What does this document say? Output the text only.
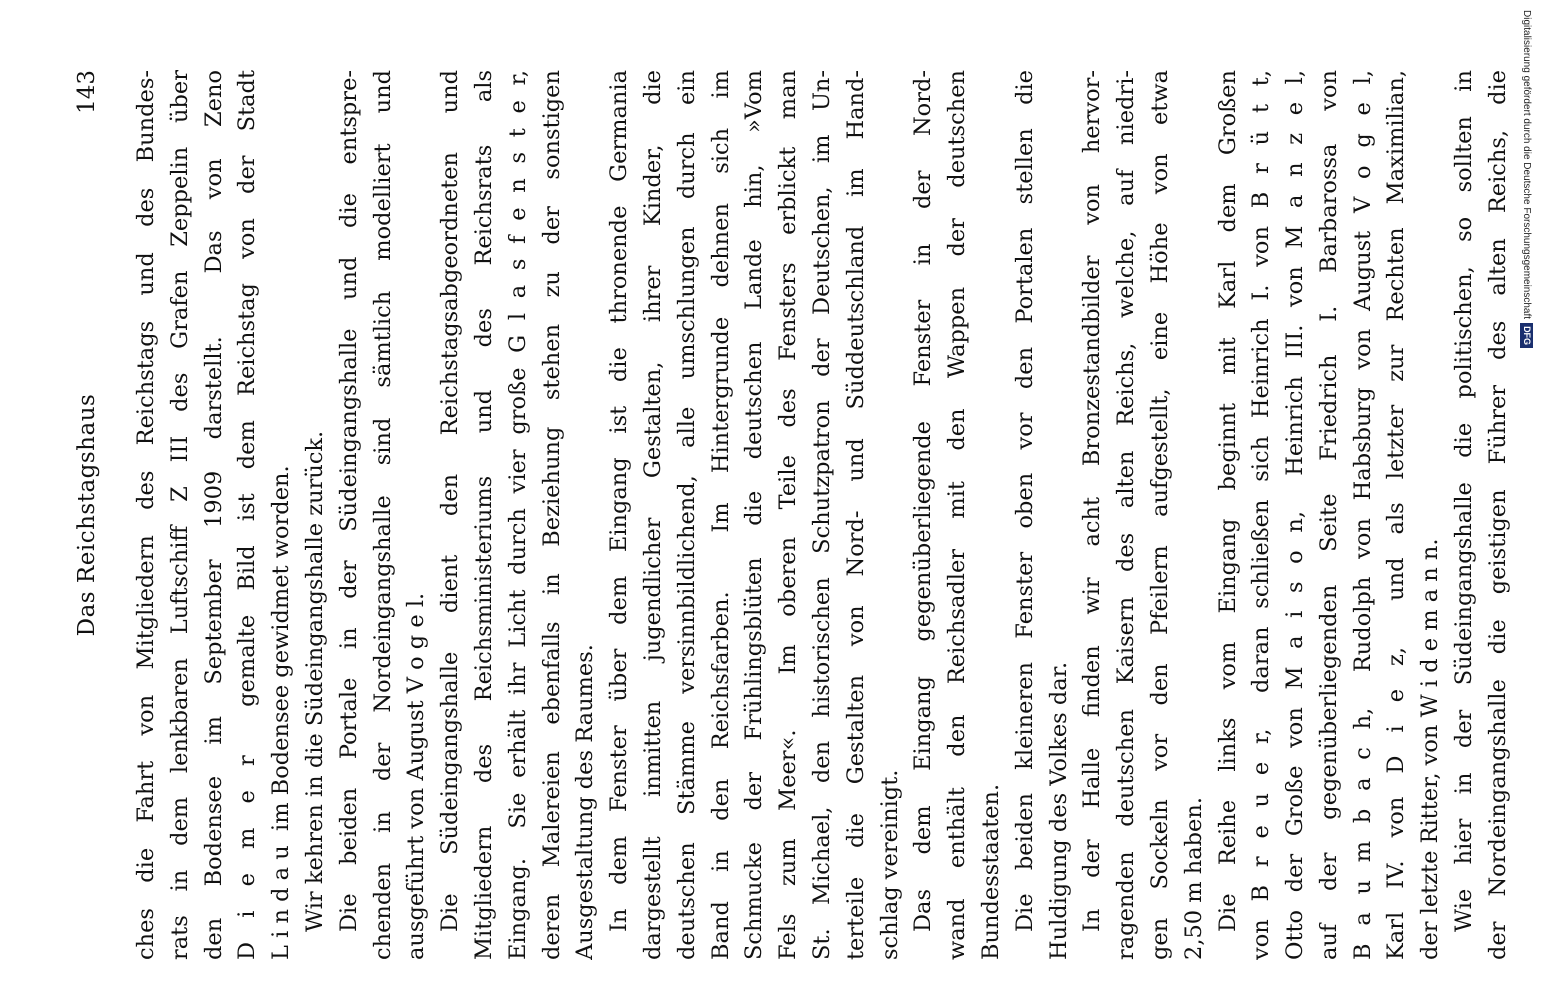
Das Reichstagshaus
143 ches die Fahrt von Mitgliedern des Reichstags und des Bundes- rats in dem lenkbaren Luftschiff Z III des Grafen Zeppelin über den Bodensee im September 1909 darstellt.  Das von Zeno D i e m e r  gemalte Bild ist dem Reichstag von der Stadt L i n d a u  im Bodensee gewidmet worden. Wir kehren in die Südeingangshalle zurück. Die beiden Portale in der Südeingangshalle und die entspre- chenden in der Nordeingangshalle sind sämtlich modelliert und ausgeführt von August V o g e l. Die Südeingangshalle dient den Reichstagsabgeordneten und Mitgliedern des Reichsministeriums und des Reichsrats als Eingang.  Sie erhält ihr Licht durch vier große G l a s f e n s t e r, deren Malereien ebenfalls in Beziehung stehen zu der sonstigen Ausgestaltung des Raumes. In dem Fenster über dem Eingang ist die thronende Germania dargestellt inmitten jugendlicher Gestalten, ihrer Kinder, die deutschen Stämme versinnbildlichend, alle umschlungen durch ein Band in den Reichsfarben.  Im Hintergrunde dehnen sich im Schmucke der Frühlingsblüten die deutschen Lande hin, »Vom Fels zum Meer«.  Im oberen Teile des Fensters erblickt man St. Michael, den historischen Schutzpatron der Deutschen, im Un- terteile die Gestalten von Nord- und Süddeutschland im Hand- schlag vereinigt. Das dem Eingang gegenüberliegende Fenster in der Nord- wand enthält den Reichsadler mit den Wappen der deutschen Bundesstaaten. Die beiden kleineren Fenster oben vor den Portalen stellen die Huldigung des Volkes dar. In der Halle finden wir acht Bronzestandbilder von hervor- ragenden deutschen Kaisern des alten Reichs, welche, auf niedri- gen Sockeln vor den Pfeilern aufgestellt, eine Höhe von etwa 2,50 m haben. Die Reihe links vom Eingang beginnt mit Karl dem Großen von B r e u e r,  daran schließen sich Heinrich I. von B r ü t t, Otto der Große von M a i s o n,  Heinrich III. von M a n z e l, auf der gegenüberliegenden Seite Friedrich I. Barbarossa von B a u m b a c h,  Rudolph von Habsburg von August V o g e l, Karl IV. von D i e z,  und als letzter zur Rechten Maximilian, der letzte Ritter, von W i d e m a n n. Wie hier in der Südeingangshalle die politischen, so sollten in der Nordeingangshalle die geistigen Führer des alten Reichs, die	Digitalisierung gefördert durch die Deutsche Forschungsgemeinschaft
DFG
